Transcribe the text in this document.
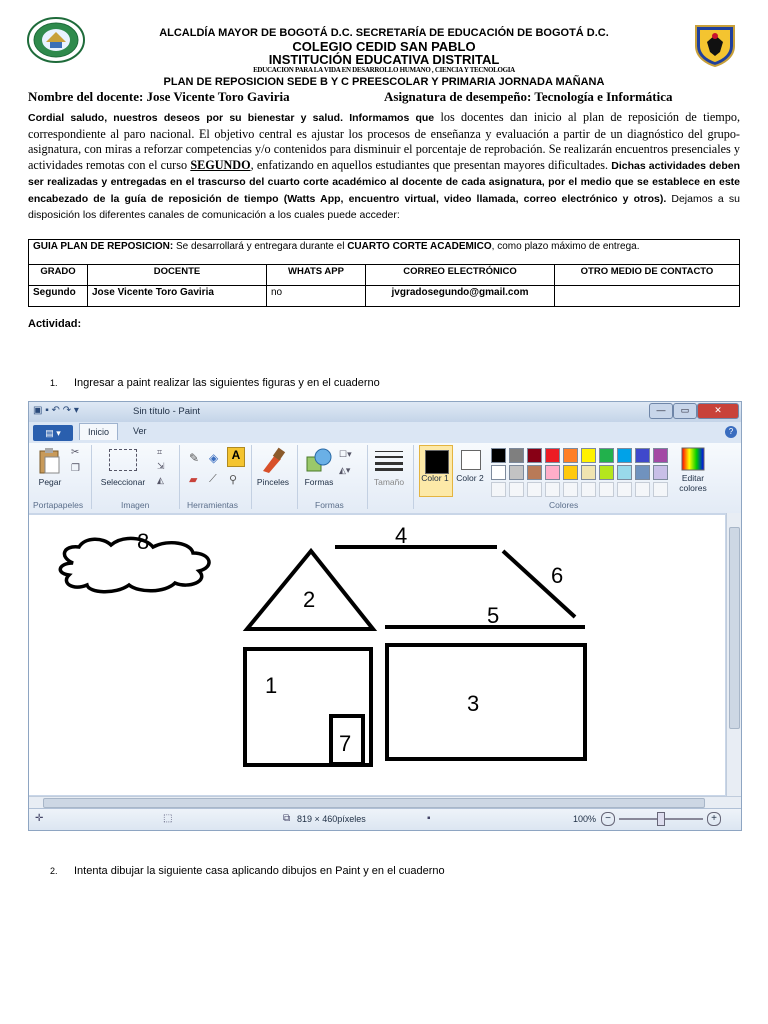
ALCALDÍA MAYOR DE BOGOTÁ D.C. SECRETARÍA DE EDUCACIÓN DE BOGOTÁ D.C.
COLEGIO CEDID SAN PABLO
INSTITUCIÓN EDUCATIVA DISTRITAL
EDUCACION PARA LA VIDA EN DESARROLLO HUMANO , CIENCIA Y TECNOLOGIA
PLAN DE REPOSICION SEDE B Y C PREESCOLAR Y PRIMARIA JORNADA MAÑANA
Nombre del docente: Jose Vicente Toro Gaviria	Asignatura de desempeño: Tecnología e Informática
Cordial saludo, nuestros deseos por su bienestar y salud. Informamos que los docentes dan inicio al plan de reposición de tiempo, correspondiente al paro nacional. El objetivo central es ajustar los procesos de enseñanza y evaluación a partir de un diagnóstico del grupo-asignatura, con miras a reforzar competencias y/o contenidos para disminuir el porcentaje de reprobación. Se realizarán encuentros presenciales y actividades remotas con el curso SEGUNDO, enfatizando en aquellos estudiantes que presentan mayores dificultades. Dichas actividades deben ser realizadas y entregadas en el trascurso del cuarto corte académico al docente de cada asignatura, por el medio que se establece en este encabezado de la guía de reposición de tiempo (Watts App, encuentro virtual, video llamada, correo electrónico y otros). Dejamos a su disposición los diferentes canales de comunicación a los cuales puede acceder:
GUIA PLAN DE REPOSICION: Se desarrollará y entregara durante el CUARTO CORTE ACADEMICO, como plazo máximo de entrega.				
GRADO	DOCENTE	WHATS APP	CORREO ELECTRÓNICO	OTRO MEDIO DE CONTACTO
Segundo	Jose Vicente Toro Gaviria	no	jvgradosegundo@gmail.com	
Actividad:
1. Ingresar a paint realizar las siguientes figuras y en el cuaderno
▣ ▪ ↶ ↷ ▾	Sin título - Paint	—	▭	✕
▤ ▾	Inicio	Ver	?
Pegar
✂
❐
Portapapeles
Seleccionar
⌗
⇲
◭
Imagen
✎ ◈	A
▰ ⟋ ⚲
Herramientas
Pinceles	Formas
☐▾
◭▾
Formas
Tamaño	Color 1 Color 2	Editar colores
Colores
1
2
3
4
5
6
7
8
✛	⬚	⧉ 819 × 460píxeles	▪	100% −	+
2. Intenta dibujar la siguiente casa aplicando dibujos en Paint y en el cuaderno
